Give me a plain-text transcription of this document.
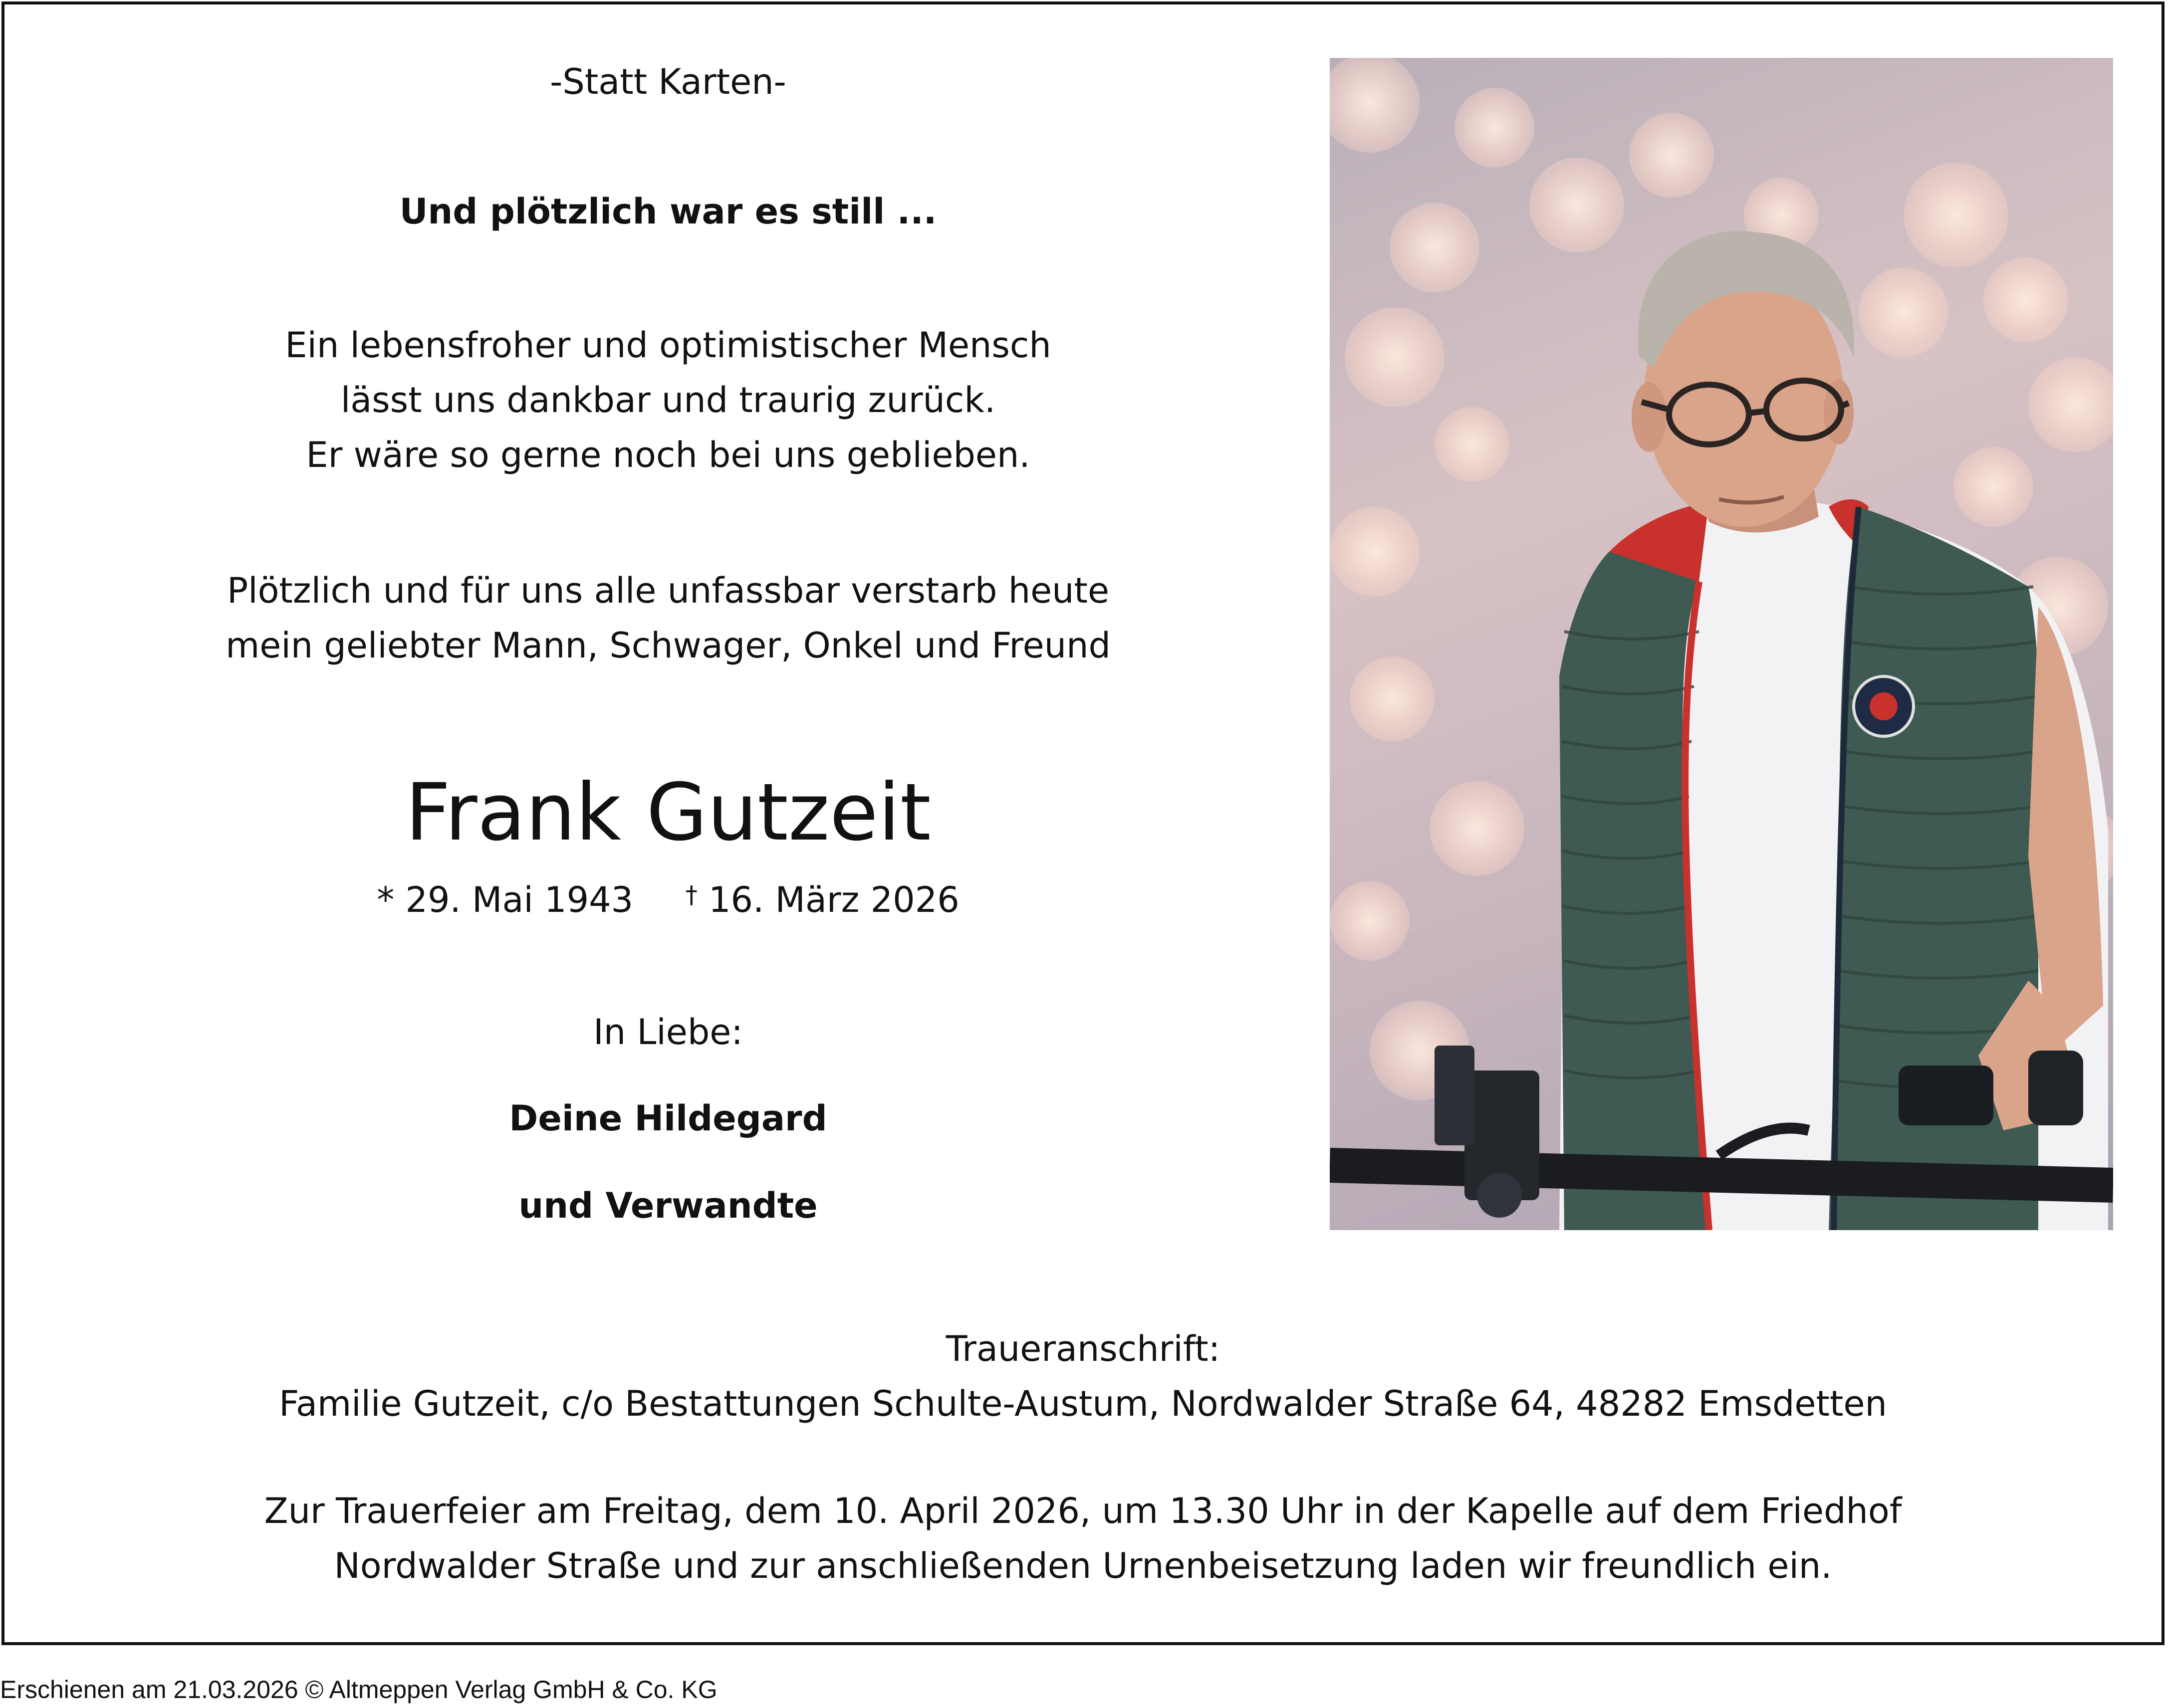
-Statt Karten-
Und plötzlich war es still ...
Ein lebensfroher und optimistischer Mensch
lässt uns dankbar und traurig zurück.
Er wäre so gerne noch bei uns geblieben.
Plötzlich und für uns alle unfassbar verstarb heute
mein geliebter Mann, Schwager, Onkel und Freund
Frank Gutzeit
* 29. Mai 1943 † 16. März 2026
In Liebe:
Deine Hildegard
und Verwandte
Traueranschrift:
Familie Gutzeit, c/o Bestattungen Schulte-Austum, Nordwalder Straße 64, 48282 Emsdetten
Zur Trauerfeier am Freitag, dem 10. April 2026, um 13.30 Uhr in der Kapelle auf dem Friedhof
Nordwalder Straße und zur anschließenden Urnenbeisetzung laden wir freundlich ein.
Erschienen am 21.03.2026 © Altmeppen Verlag GmbH & Co. KG
